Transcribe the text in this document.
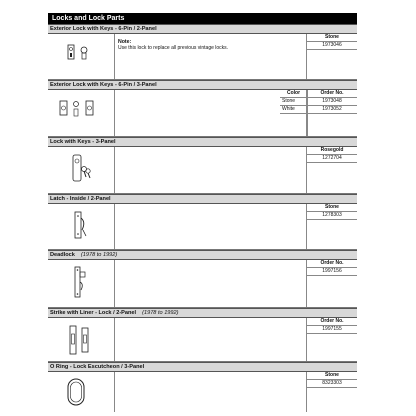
Locks and Lock Parts
Exterior Lock with Keys - 6-Pin / 2-Panel
Note:
Use this lock to replace all previous vintage locks.
Stone
1973046
Exterior Lock with Keys - 6-Pin / 3-Panel
Color
Stone
White
Order No.
1973048
1973052
Lock with Keys - 3-Panel
Rosegold
1272704
Latch - Inside / 2-Panel
Stone
1278303
Deadlock (1978 to 1992)
Order No.
1997156
Strike with Liner - Lock / 2-Panel (1978 to 1992)
Order No.
1997155
O Ring - Lock Escutcheon / 3-Panel
Stone
8323303
